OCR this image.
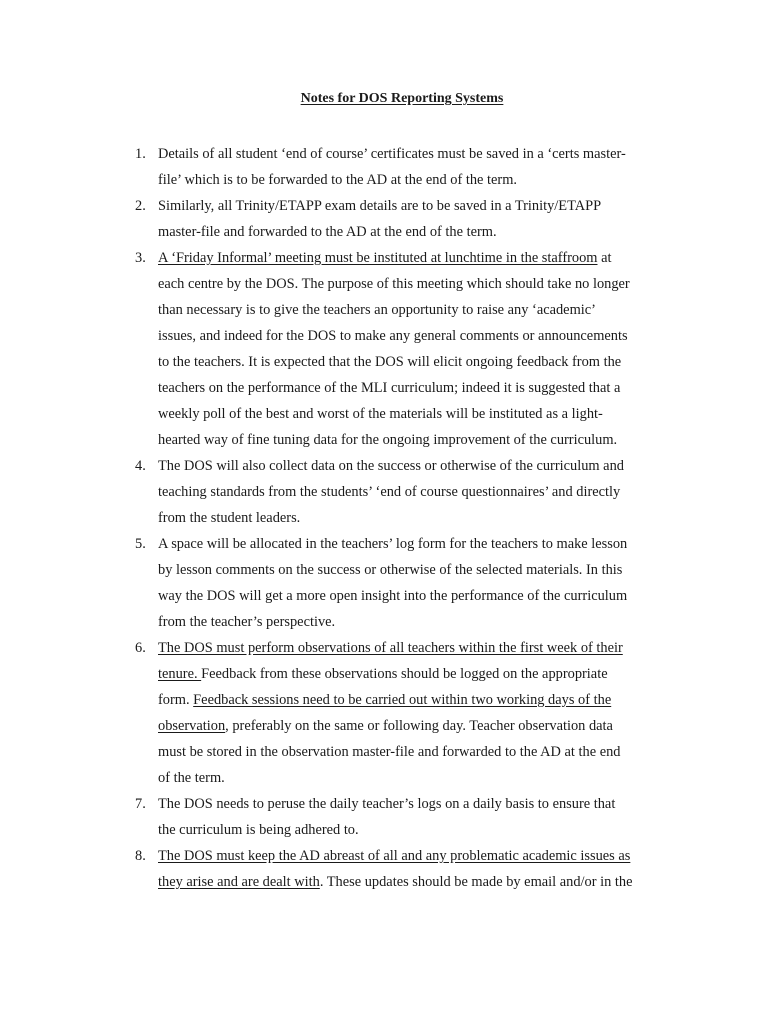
Notes for DOS Reporting Systems
1. Details of all student ‘end of course’ certificates must be saved in a ‘certs master-
file’ which is to be forwarded to the AD at the end of the term.
2. Similarly, all Trinity/ETAPP exam details are to be saved in a Trinity/ETAPP
master-file and forwarded to the AD at the end of the term.
3. A ‘Friday Informal’ meeting must be instituted at lunchtime in the staffroom at
each centre by the DOS. The purpose of this meeting which should take no longer
than necessary is to give the teachers an opportunity to raise any ‘academic’
issues, and indeed for the DOS to make any general comments or announcements
to the teachers. It is expected that the DOS will elicit ongoing feedback from the
teachers on the performance of the MLI curriculum; indeed it is suggested that a
weekly poll of the best and worst of the materials will be instituted as a light-
hearted way of fine tuning data for the ongoing improvement of the curriculum.
4. The DOS will also collect data on the success or otherwise of the curriculum and
teaching standards from the students’ ‘end of course questionnaires’ and directly
from the student leaders.
5. A space will be allocated in the teachers’ log form for the teachers to make lesson
by lesson comments on the success or otherwise of the selected materials. In this
way the DOS will get a more open insight into the performance of the curriculum
from the teacher’s perspective.
6. The DOS must perform observations of all teachers within the first week of their
tenure. Feedback from these observations should be logged on the appropriate
form. Feedback sessions need to be carried out within two working days of the
observation, preferably on the same or following day. Teacher observation data
must be stored in the observation master-file and forwarded to the AD at the end
of the term.
7. The DOS needs to peruse the daily teacher’s logs on a daily basis to ensure that
the curriculum is being adhered to.
8. The DOS must keep the AD abreast of all and any problematic academic issues as
they arise and are dealt with. These updates should be made by email and/or in the
